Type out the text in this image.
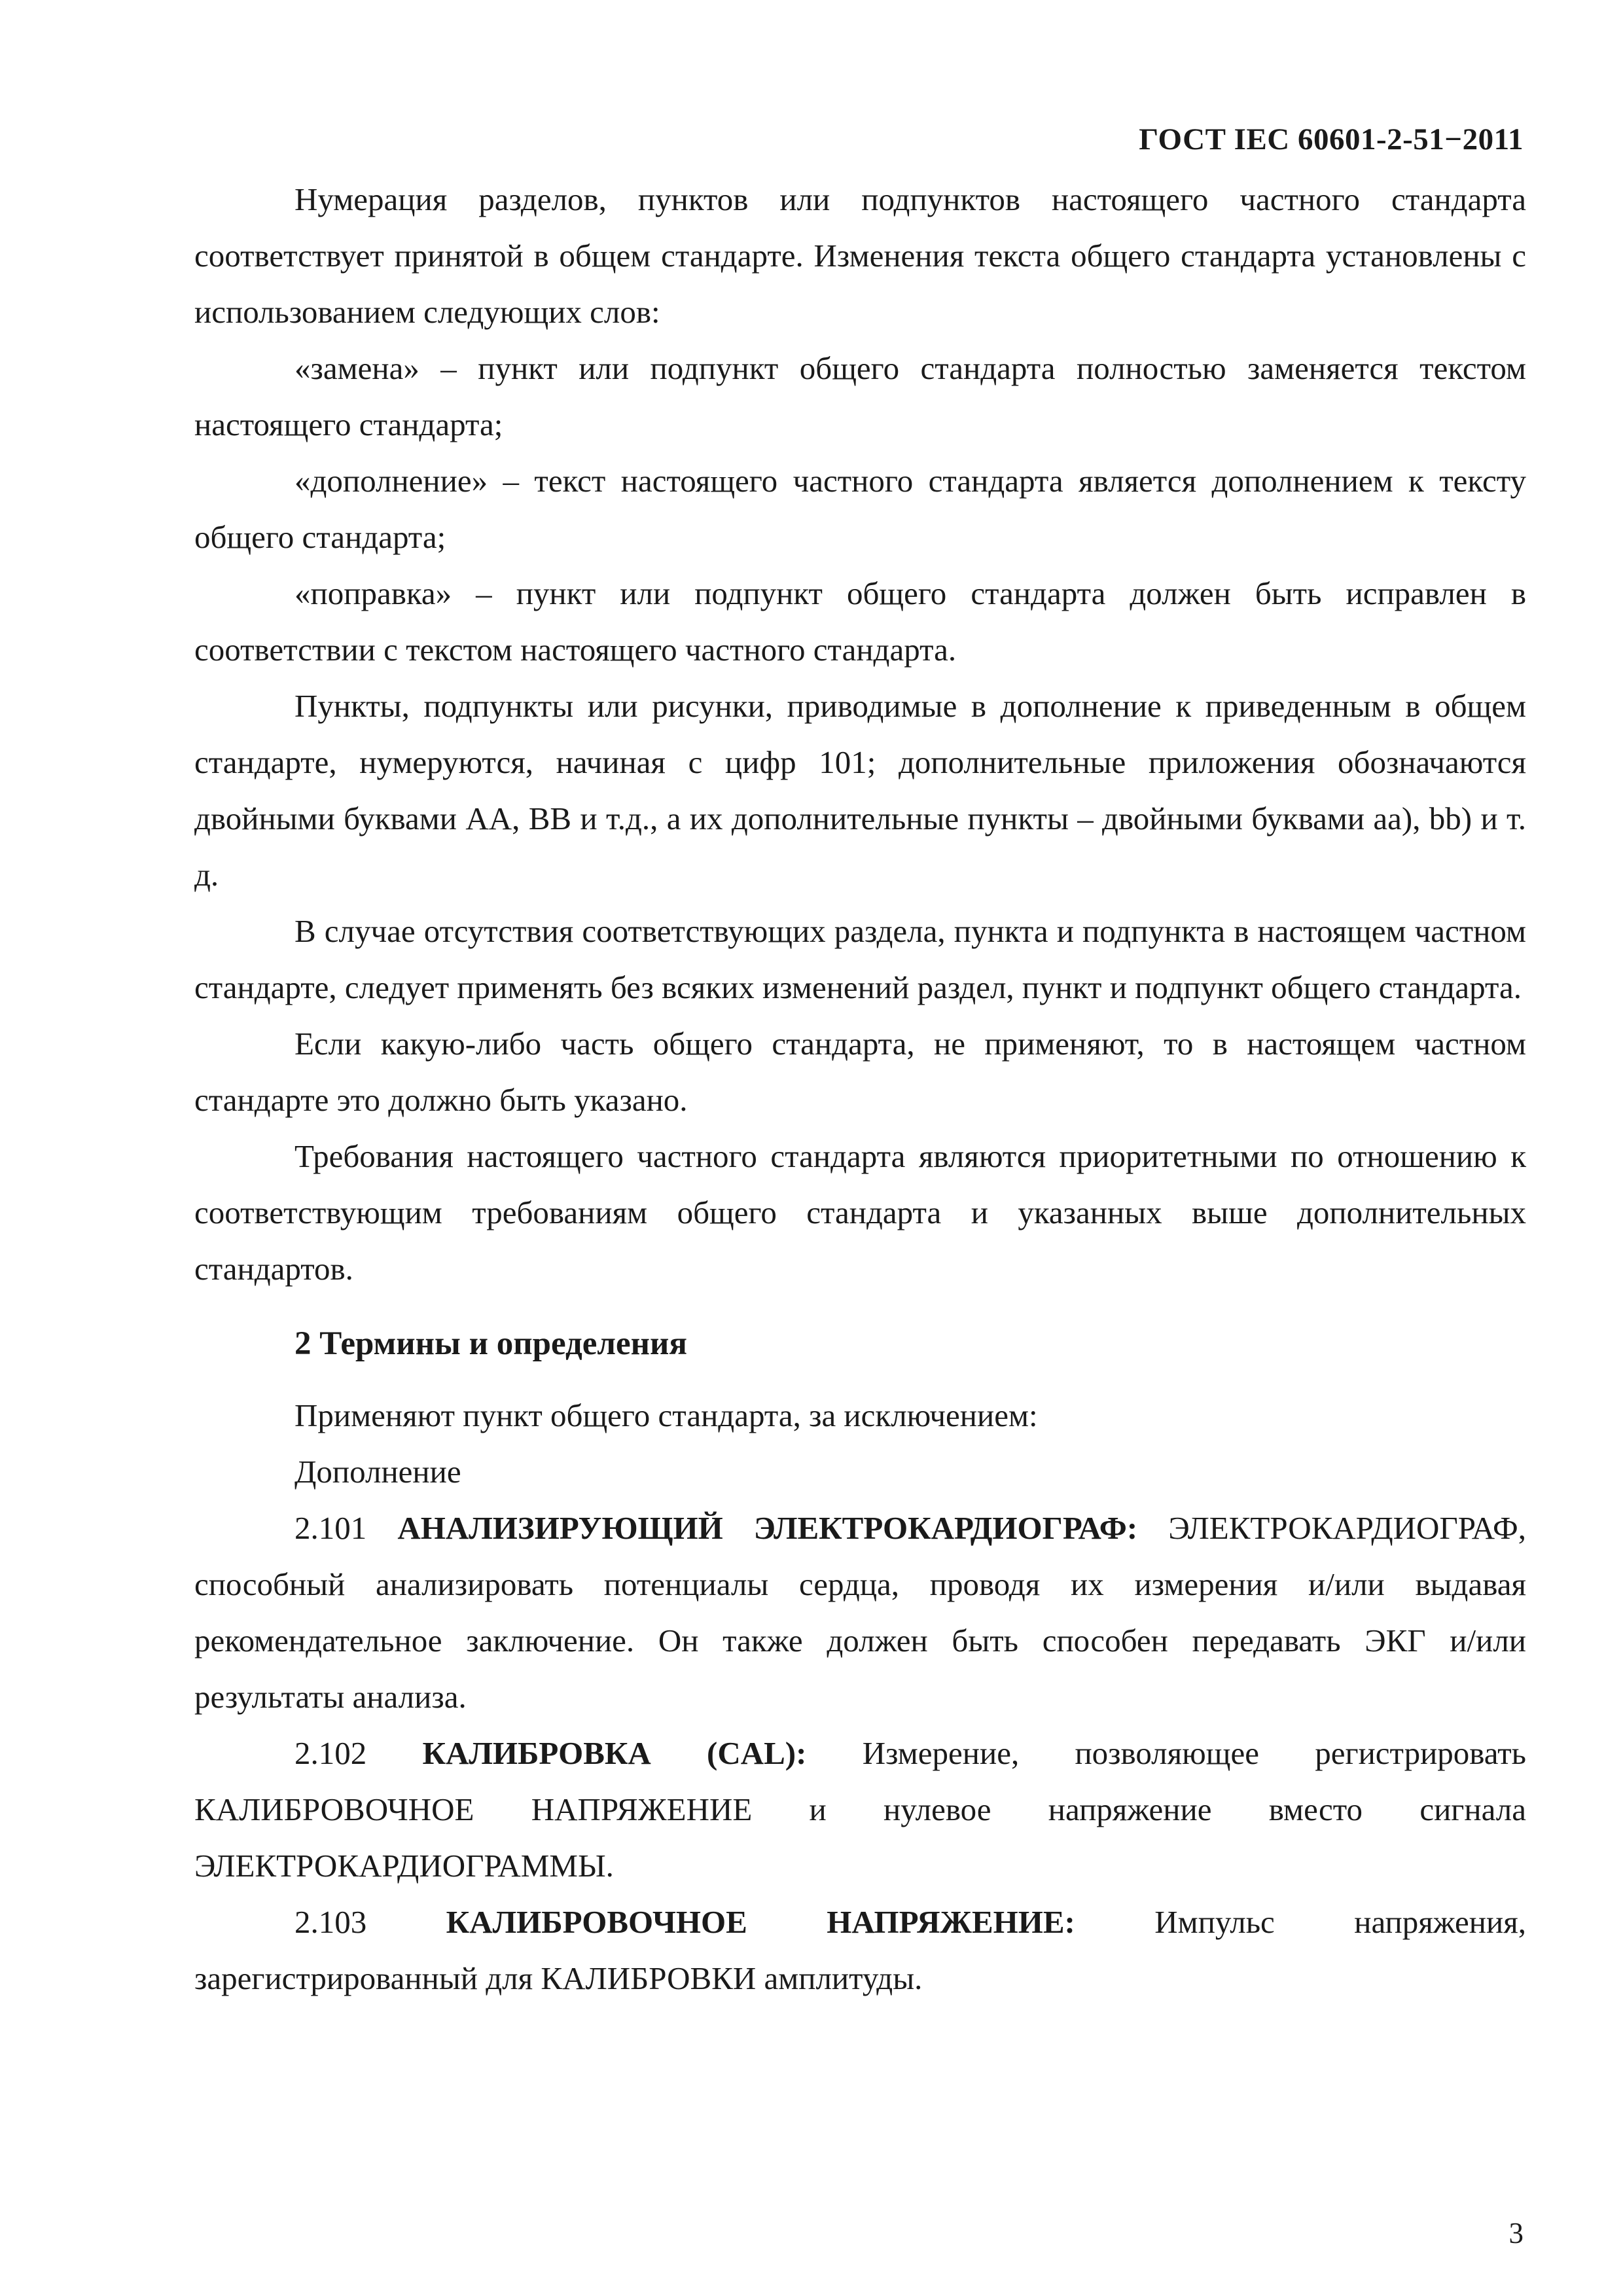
ГОСТ IEC 60601-2-51−2011

Нумерация разделов, пунктов или подпунктов настоящего частного стандарта соответствует принятой в общем стандарте. Изменения текста общего стандарта установлены с использованием следующих слов:

«замена» – пункт или подпункт общего стандарта полностью заменяется текстом настоящего стандарта;

«дополнение» – текст настоящего частного стандарта является дополнением к тексту общего стандарта;

«поправка» – пункт или подпункт общего стандарта должен быть исправлен в соответствии с текстом настоящего частного стандарта.

Пункты, подпункты или рисунки, приводимые в дополнение к приведенным в общем стандарте, нумеруются, начиная с цифр 101; дополнительные приложения обозначаются двойными буквами АА, ВВ и т.д., а их дополнительные пункты – двойными буквами аа), bb) и т. д.

В случае отсутствия соответствующих раздела, пункта и подпункта в настоящем частном стандарте, следует применять без всяких изменений раздел, пункт и подпункт общего стандарта.

Если какую-либо часть общего стандарта, не применяют, то в настоящем частном стандарте это должно быть указано.

Требования настоящего частного стандарта являются приоритетными по отношению к соответствующим требованиям общего стандарта и указанных выше дополнительных стандартов.

2 Термины и определения

Применяют пункт общего стандарта, за исключением:

Дополнение

2.101 АНАЛИЗИРУЮЩИЙ ЭЛЕКТРОКАРДИОГРАФ: ЭЛЕКТРОКАРДИОГРАФ, способный анализировать потенциалы сердца, проводя их измерения и/или выдавая рекомендательное заключение. Он также должен быть способен передавать ЭКГ и/или результаты анализа.

2.102 КАЛИБРОВКА (CAL): Измерение, позволяющее регистрировать КАЛИБРОВОЧНОЕ НАПРЯЖЕНИЕ и нулевое напряжение вместо сигнала ЭЛЕКТРОКАРДИОГРАММЫ.

2.103 КАЛИБРОВОЧНОЕ НАПРЯЖЕНИЕ: Импульс напряжения, зарегистрированный для КАЛИБРОВКИ амплитуды.

3
